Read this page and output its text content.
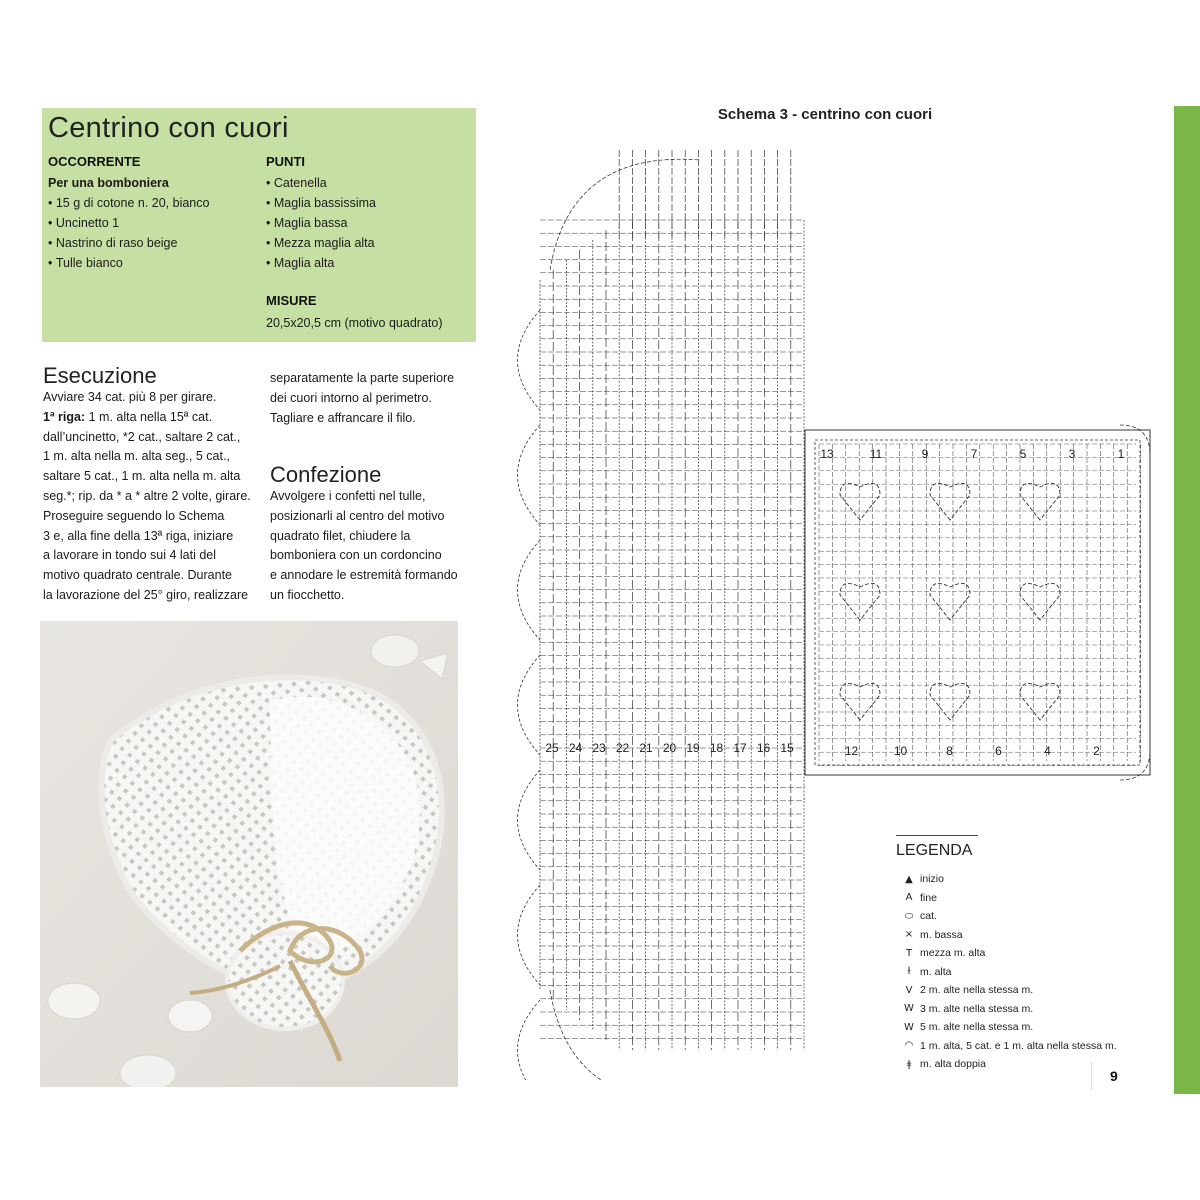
Centrino con cuori
OCCORRENTE
Per una bomboniera
• 15 g di cotone n. 20, bianco
• Uncinetto 1
• Nastrino di raso beige
• Tulle bianco
PUNTI
• Catenella
• Maglia bassissima
• Maglia bassa
• Mezza maglia alta
• Maglia alta
MISURE
20,5x20,5 cm (motivo quadrato)
Esecuzione

Avviare 34 cat. più 8 per girare.

1ª riga: 1 m. alta nella 15ª cat.

dall’uncinetto, *2 cat., saltare 2 cat.,

1 m. alta nella m. alta seg., 5 cat.,

saltare 5 cat., 1 m. alta nella m. alta

seg.*; rip. da * a * altre 2 volte, girare.

Proseguire seguendo lo Schema

3 e, alla fine della 13ª riga, iniziare

a lavorare in tondo sui 4 lati del

motivo quadrato centrale. Durante

la lavorazione del 25° giro, realizzare

separatamente la parte superiore

dei cuori intorno al perimetro.

Tagliare e affrancare il filo.

Confezione

Avvolgere i confetti nel tulle,

posizionarli al centro del motivo

quadrato filet, chiudere la

bomboniera con un cordoncino

e annodare le estremità formando

un fiocchetto.

Schema 3 - centrino con cuori
25 24 23 22 21 20 19 18 17 16 15
13
12
11
10
9
8
7
6
5
4
3
2
1
LEGENDA
▲ inizio
A fine
⬭ cat.
× m. bassa
T mezza m. alta
ƚ m. alta
V 2 m. alte nella stessa m.
W 3 m. alte nella stessa m.
W 5 m. alte nella stessa m.
◠ 1 m. alta, 5 cat. e 1 m. alta nella stessa m.
ǂ m. alta doppia
9
